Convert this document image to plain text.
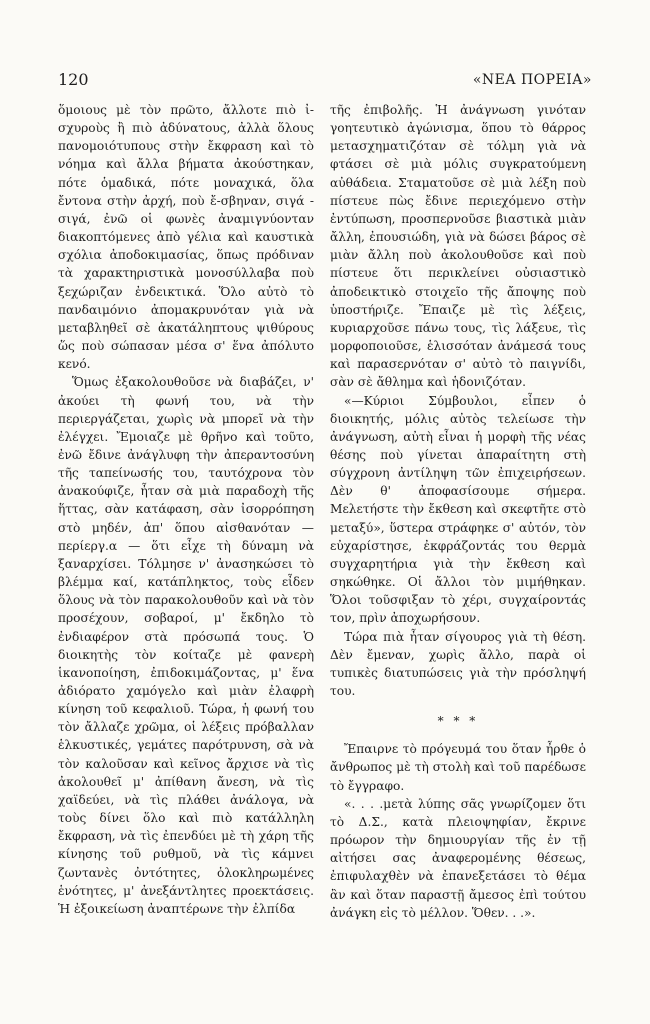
120	«ΝΕΑ ΠΟΡΕΙΑ»

ὅμοιους μὲ τὸν πρῶτο, ἄλλοτε πιὸ ἰ-σχυροὺς ἢ πιὸ ἀδύνατους, ἀλλὰ ὅλους πανομοιότυπους στὴν ἔκφραση καὶ τὸ νόημα καὶ ἄλλα βήματα ἀκούστηκαν, πότε ὁμαδικά, πότε μοναχικά, ὅλα ἔντονα στὴν ἀρχή, ποὺ ἔ-σβηναν, σιγά - σιγά, ἐνῶ οἱ φωνὲς ἀναμιγνύονταν διακοπτόμενες ἀπὸ γέλια καὶ καυστικὰ σχόλια ἀποδοκιμασίας, ὅπως πρόδιναν τὰ χαρακτηριστικὰ μονοσύλλαβα ποὺ ξεχώριζαν ἐνδεικτικά. Ὅλο αὐτὸ τὸ πανδαιμόνιο ἀπομακρυνόταν γιὰ νὰ μεταβληθεῖ σὲ ἀκατάληπτους ψιθύρους ὥς ποὺ σώπασαν μέσα σ' ἕνα ἀπόλυτο κενό.

Ὅμως ἐξακολουθοῦσε νὰ διαβάζει, ν' ἀκούει τὴ φωνή του, νὰ τὴν περιεργάζεται, χωρὶς νὰ μπορεῖ νὰ τὴν ἐλέγχει. Ἔμοιαζε μὲ θρῆνο καὶ τοῦτο, ἐνῶ ἔδινε ἀνάγλυφη τὴν ἀπεραντοσύνη τῆς ταπείνωσής του, ταυτόχρονα τὸν ἀνακούφιζε, ἦταν σὰ μιὰ παραδοχὴ τῆς ἥττας, σὰν κατάφαση, σὰν ἰσορρόπηση στὸ μηδέν, ἀπ' ὅπου αἰσθανόταν — περίεργ.α — ὅτι εἶχε τὴ δύναμη νὰ ξαναρχίσει. Τόλμησε ν' ἀνασηκώσει τὸ βλέμμα καί, κατάπληκτος, τοὺς εἶδεν ὅλους νὰ τὸν παρακολουθοῦν καὶ νὰ τὸν προσέχουν, σοβαροί, μ' ἔκδηλο τὸ ἐνδιαφέρον στὰ πρόσωπά τους. Ὁ διοικητὴς τὸν κοίταζε μὲ φανερὴ ἱκανοποίηση, ἐπιδοκιμάζοντας, μ' ἕνα ἀδιόρατο χαμόγελο καὶ μιὰν ἐλαφρὴ κίνηση τοῦ κεφαλιοῦ. Τώρα, ἡ φωνή του τὸν ἄλλαζε χρῶμα, οἱ λέξεις πρόβαλλαν ἑλκυστικές, γεμάτες παρότρυνση, σὰ νὰ τὸν καλοῦσαν καὶ κεῖνος ἄρχισε νὰ τὶς ἀκολουθεῖ μ' ἀπίθανη ἄνεση, νὰ τὶς χαϊδεύει, νὰ τὶς πλάθει ἀνάλογα, νὰ τοὺς δίνει ὅλο καὶ πιὸ κατάλληλη ἔκφραση, νὰ τὶς ἐπενδύει μὲ τὴ χάρη τῆς κίνησης τοῦ ρυθμοῦ, νὰ τὶς κάμνει ζωντανὲς ὀντότητες, ὁλοκληρωμένες ἑνότητες, μ' ἀνεξάντλητες προεκτάσεις. Ἡ ἐξοικείωση ἀναπτέρωνε τὴν ἐλπίδα

τῆς ἐπιβολῆς. Ἡ ἀνάγνωση γινόταν γοητευτικὸ ἀγώνισμα, ὅπου τὸ θάρρος μετασχηματιζόταν σὲ τόλμη γιὰ νὰ φτάσει σὲ μιὰ μόλις συγκρατούμενη αὐθάδεια. Σταματοῦσε σὲ μιὰ λέξη ποὺ πίστευε πὼς ἔδινε περιεχόμενο στὴν ἐντύπωση, προσπερνοῦσε βιαστικὰ μιὰν ἄλλη, ἐπουσιώδη, γιὰ νὰ δώσει βάρος σὲ μιὰν ἄλλη ποὺ ἀκολουθοῦσε καὶ ποὺ πίστευε ὅτι περικλείνει οὐσιαστικὸ ἀποδεικτικὸ στοιχεῖο τῆς ἄποψης ποὺ ὑποστήριζε. Ἔπαιζε μὲ τὶς λέξεις, κυριαρχοῦσε πάνω τους, τὶς λάξευε, τὶς μορφοποιοῦσε, ἑλισσόταν ἀνάμεσά τους καὶ παρασερνόταν σ' αὐτὸ τὸ παιγνίδι, σὰν σὲ ἄθλημα καὶ ἡδονιζόταν.

«—Κύριοι Σύμβουλοι, εἶπεν ὁ διοικητής, μόλις αὐτὸς τελείωσε τὴν ἀνάγνωση, αὐτὴ εἶναι ἡ μορφὴ τῆς νέας θέσης ποὺ γίνεται ἀπαραίτητη στὴ σύγχρονη ἀντίληψη τῶν ἐπιχειρήσεων. Δὲν θ' ἀποφασίσουμε σήμερα. Μελετήστε τὴν ἔκθεση καὶ σκεφτῆτε στὸ μεταξύ», ὕστερα στράφηκε σ' αὐτόν, τὸν εὐχαρίστησε, ἐκφράζοντάς του θερμὰ συγχαρητήρια γιὰ τὴν ἔκθεση καὶ σηκώθηκε. Οἱ ἄλλοι τὸν μιμήθηκαν. Ὅλοι τοῦσφιξαν τὸ χέρι, συγχαίροντάς τον, πρὶν ἀποχωρήσουν.

Τώρα πιὰ ἦταν σίγουρος γιὰ τὴ θέση. Δὲν ἔμεναν, χωρὶς ἄλλο, παρὰ οἱ τυπικὲς διατυπώσεις γιὰ τὴν πρόσληψή του.

* * *

Ἔπαιρνε τὸ πρόγευμά του ὅταν ἦρθε ὁ ἄνθρωπος μὲ τὴ στολὴ καὶ τοῦ παρέδωσε τὸ ἔγγραφο.

«. . . .μετὰ λύπης σᾶς γνωρίζομεν ὅτι τὸ Δ.Σ., κατὰ πλειοψηφίαν, ἔκρινε πρόωρον τὴν δημιουργίαν τῆς ἐν τῇ αἰτήσει σας ἀναφερομένης θέσεως, ἐπιφυλαχθὲν νὰ ἐπανεξετάσει τὸ θέμα ἂν καὶ ὅταν παραστῇ ἄμεσος ἐπὶ τούτου ἀνάγκη εἰς τὸ μέλλον. Ὅθεν. . .».
